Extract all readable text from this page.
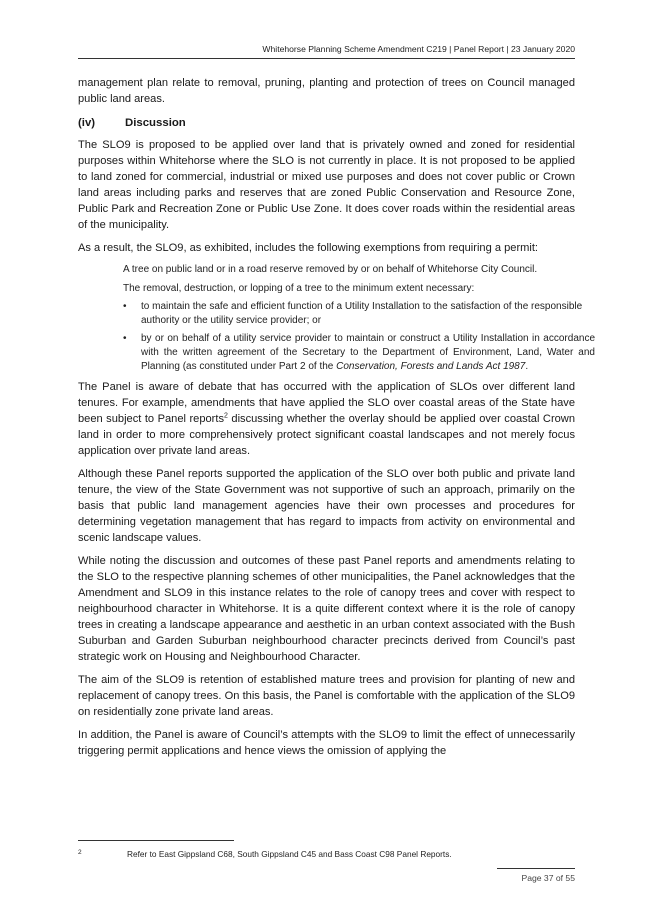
Whitehorse Planning Scheme Amendment C219 | Panel Report | 23 January 2020

management plan relate to removal, pruning, planting and protection of trees on Council managed public land areas.

(iv)	Discussion

The SLO9 is proposed to be applied over land that is privately owned and zoned for residential purposes within Whitehorse where the SLO is not currently in place. It is not proposed to be applied to land zoned for commercial, industrial or mixed use purposes and does not cover public or Crown land areas including parks and reserves that are zoned Public Conservation and Resource Zone, Public Park and Recreation Zone or Public Use Zone. It does cover roads within the residential areas of the municipality.

As a result, the SLO9, as exhibited, includes the following exemptions from requiring a permit:

A tree on public land or in a road reserve removed by or on behalf of Whitehorse City Council.

The removal, destruction, or lopping of a tree to the minimum extent necessary:

• to maintain the safe and efficient function of a Utility Installation to the satisfaction of the responsible authority or the utility service provider; or
• by or on behalf of a utility service provider to maintain or construct a Utility Installation in accordance with the written agreement of the Secretary to the Department of Environment, Land, Water and Planning (as constituted under Part 2 of the Conservation, Forests and Lands Act 1987.

The Panel is aware of debate that has occurred with the application of SLOs over different land tenures. For example, amendments that have applied the SLO over coastal areas of the State have been subject to Panel reports$^2$ discussing whether the overlay should be applied over coastal Crown land in order to more comprehensively protect significant coastal landscapes and not merely focus application over private land areas.

Although these Panel reports supported the application of the SLO over both public and private land tenure, the view of the State Government was not supportive of such an approach, primarily on the basis that public land management agencies have their own processes and procedures for determining vegetation management that has regard to impacts from activity on environmental and scenic landscape values.

While noting the discussion and outcomes of these past Panel reports and amendments relating to the SLO to the respective planning schemes of other municipalities, the Panel acknowledges that the Amendment and SLO9 in this instance relates to the role of canopy trees and cover with respect to neighbourhood character in Whitehorse. It is a quite different context where it is the role of canopy trees in creating a landscape appearance and aesthetic in an urban context associated with the Bush Suburban and Garden Suburban neighbourhood character precincts derived from Council’s past strategic work on Housing and Neighbourhood Character.

The aim of the SLO9 is retention of established mature trees and provision for planting of new and replacement of canopy trees. On this basis, the Panel is comfortable with the application of the SLO9 on residentially zone private land areas.

In addition, the Panel is aware of Council’s attempts with the SLO9 to limit the effect of unnecessarily triggering permit applications and hence views the omission of applying the

2	Refer to East Gippsland C68, South Gippsland C45 and Bass Coast C98 Panel Reports.
Page 37 of 55
